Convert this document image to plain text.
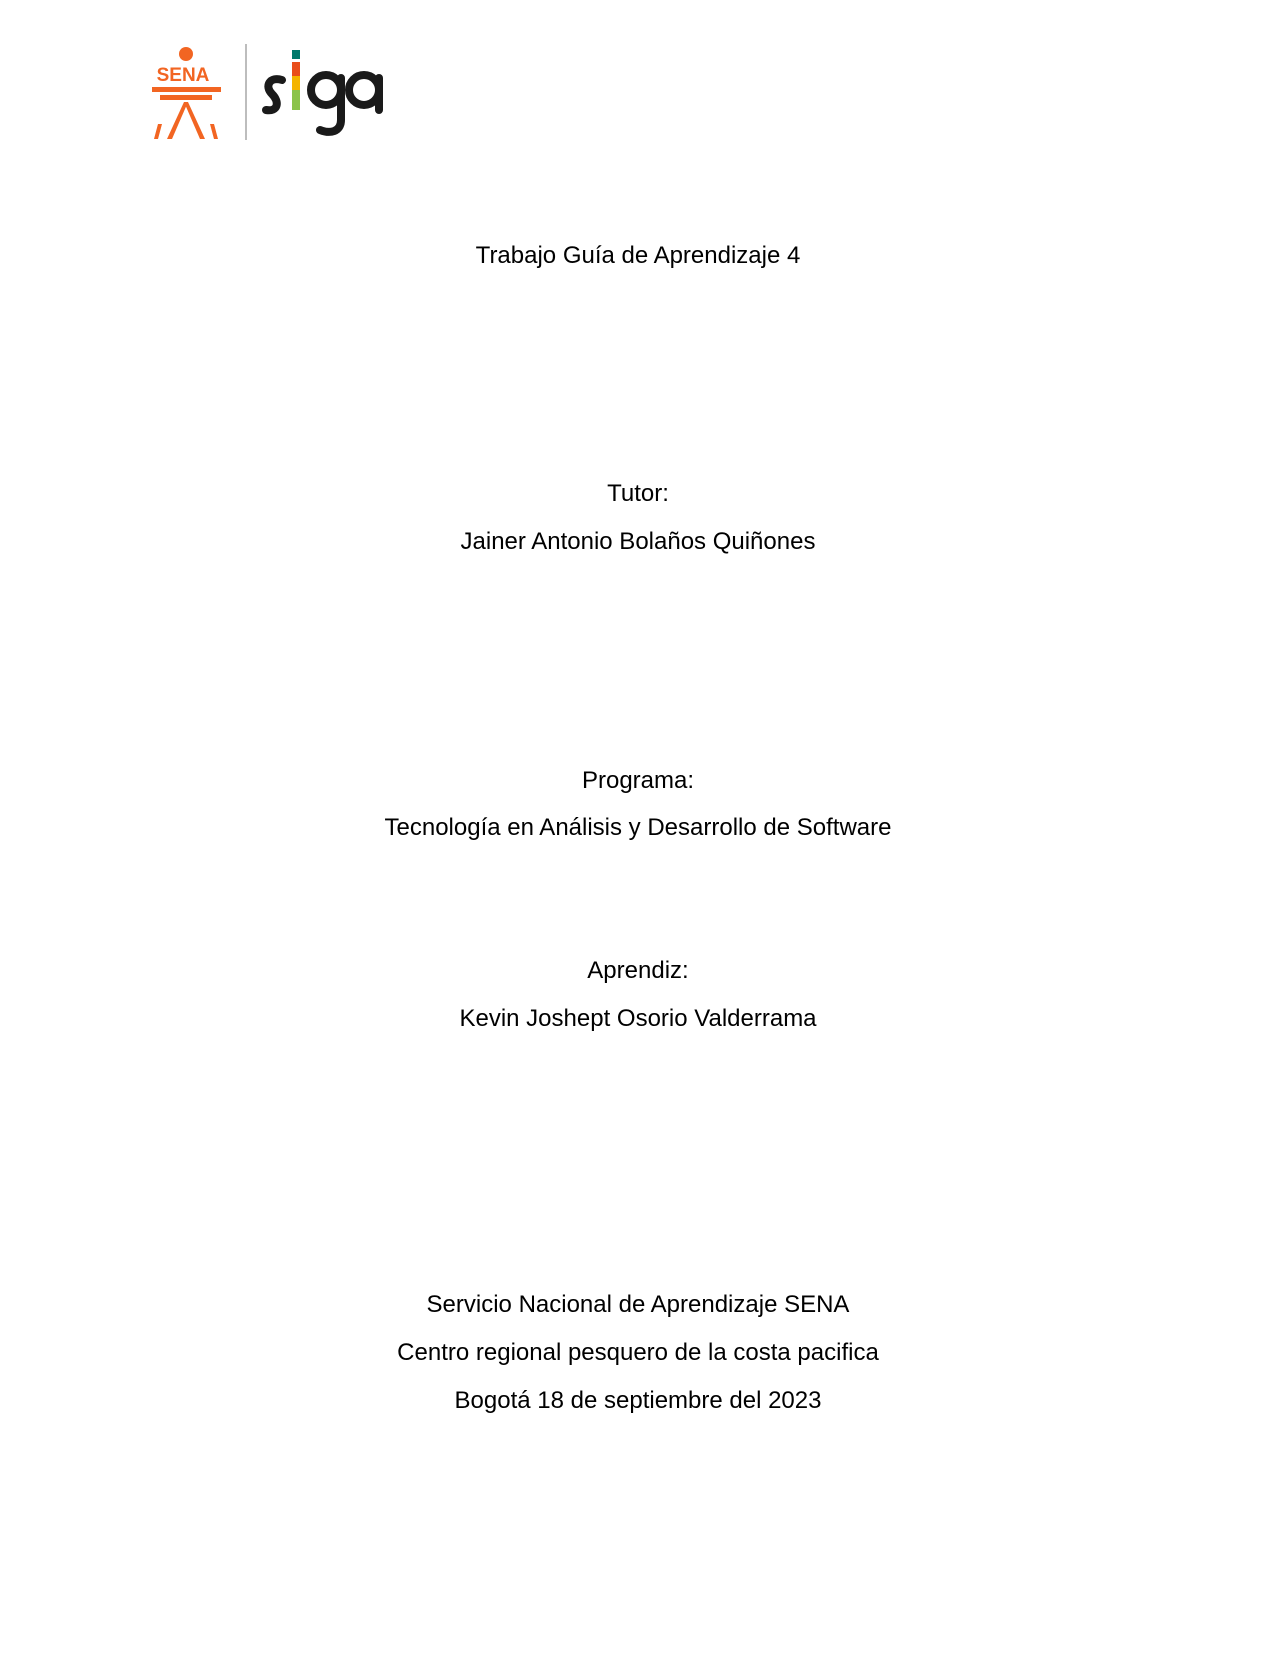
SENA
Trabajo Guía de Aprendizaje 4
Tutor:
Jainer Antonio Bolaños Quiñones
Programa:
Tecnología en Análisis y Desarrollo de Software
Aprendiz:
Kevin Joshept Osorio Valderrama
Servicio Nacional de Aprendizaje SENA
Centro regional pesquero de la costa pacifica
Bogotá 18 de septiembre del 2023
